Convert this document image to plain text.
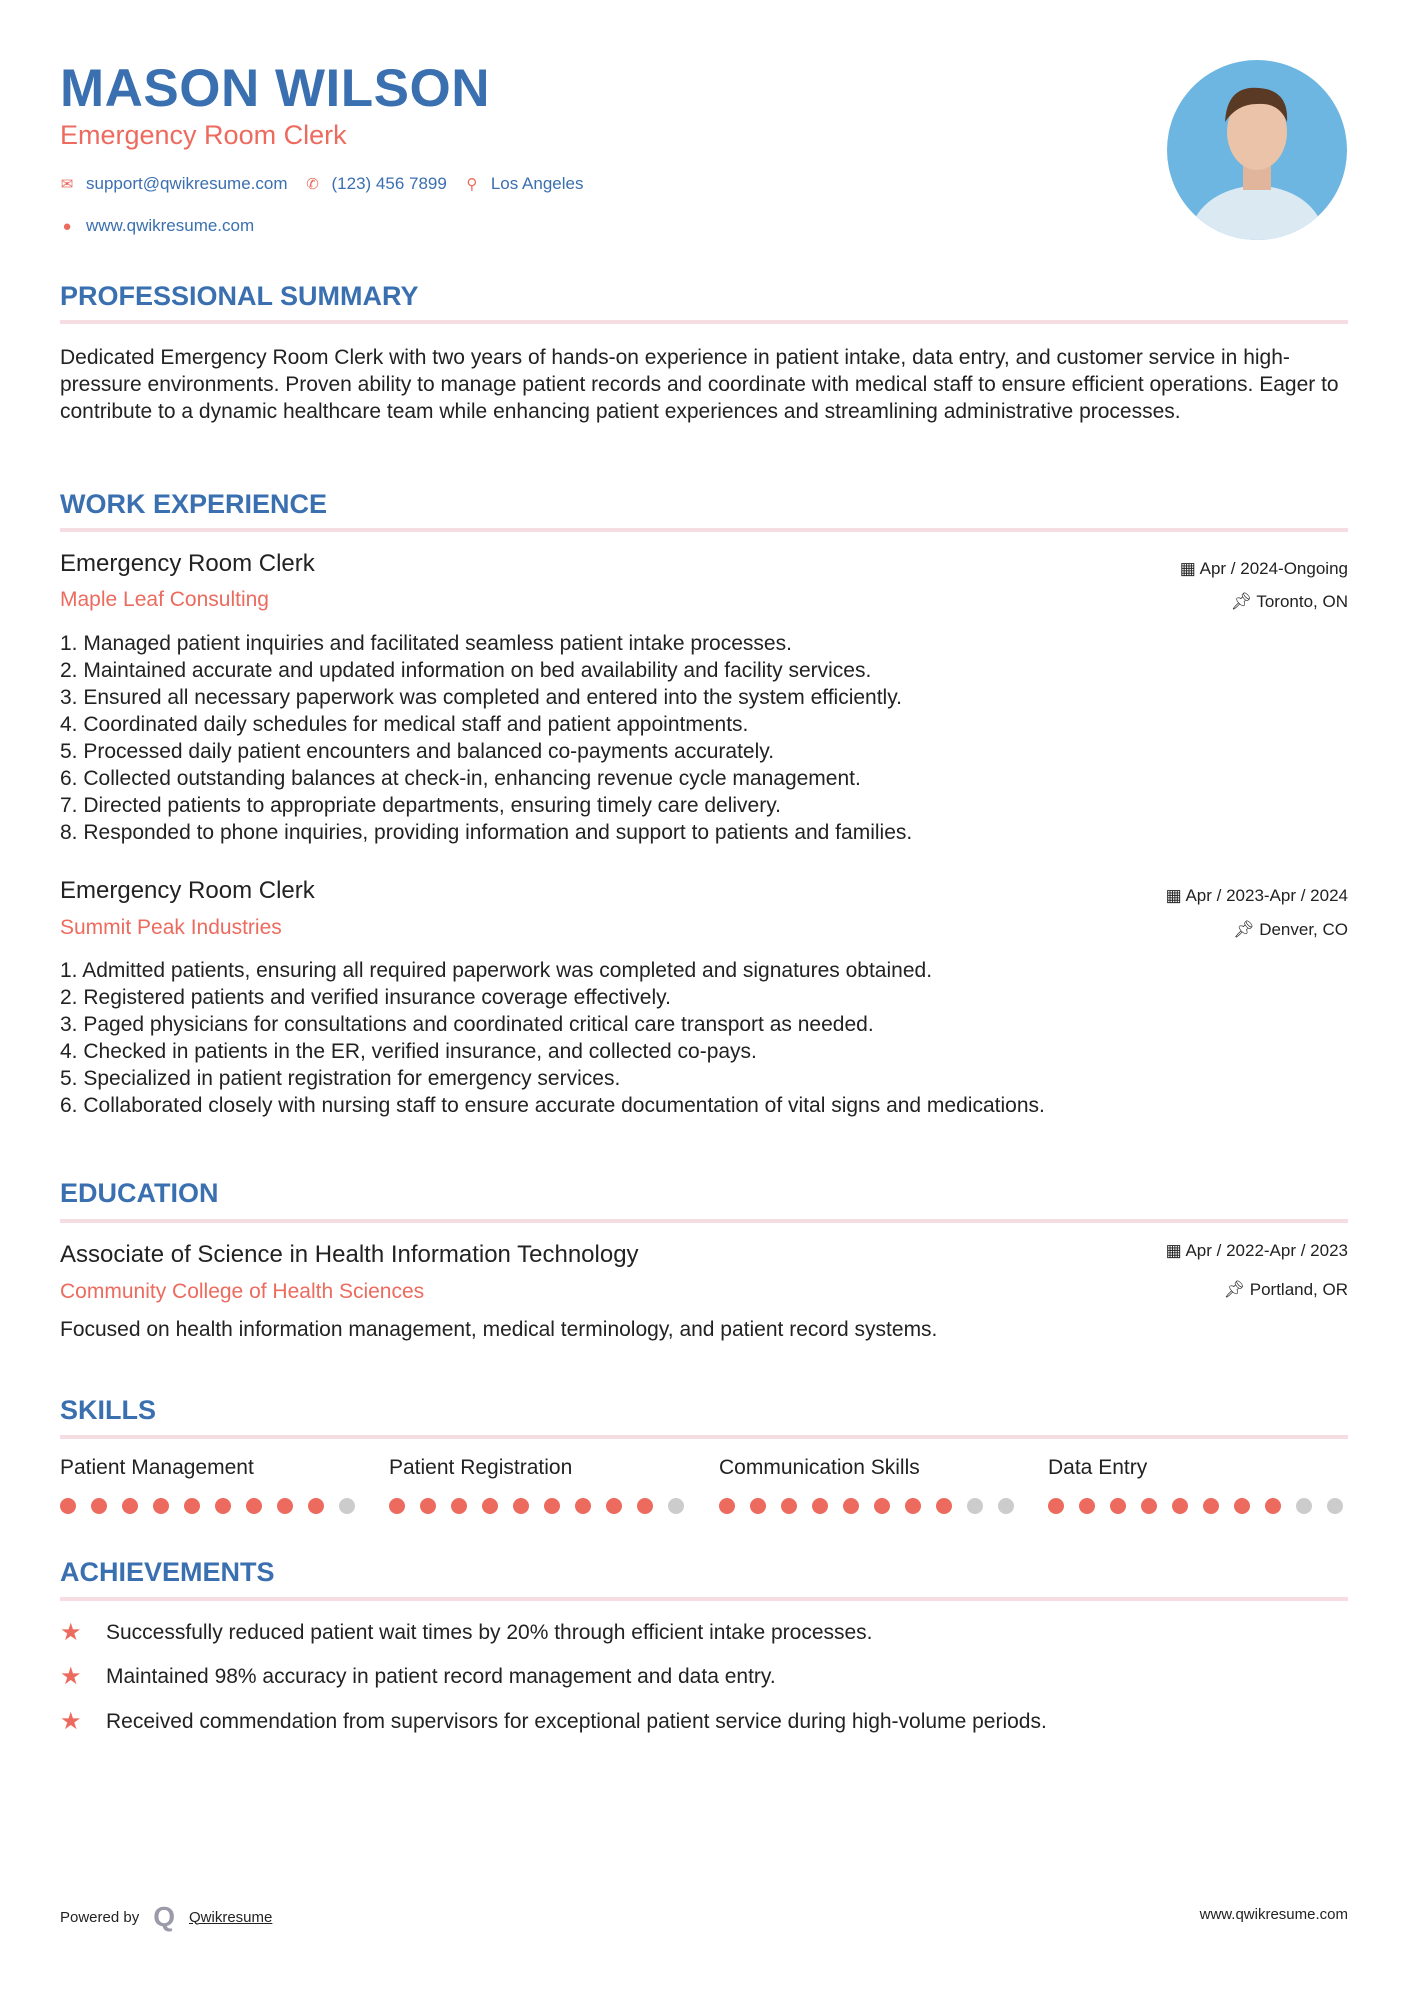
MASON WILSON
Emergency Room Clerk
✉ support@qwikresume.com ✆ (123) 456 7899 ⚲ Los Angeles
● www.qwikresume.com
PROFESSIONAL SUMMARY
Dedicated Emergency Room Clerk with two years of hands-on experience in patient intake, data entry, and customer service in high-pressure environments. Proven ability to manage patient records and coordinate with medical staff to ensure efficient operations. Eager to contribute to a dynamic healthcare team while enhancing patient experiences and streamlining administrative processes.
WORK EXPERIENCE
Emergency Room Clerk
Maple Leaf Consulting
▦ Apr / 2024-Ongoing
📌︎ Toronto, ON
1. Managed patient inquiries and facilitated seamless patient intake processes.
2. Maintained accurate and updated information on bed availability and facility services.
3. Ensured all necessary paperwork was completed and entered into the system efficiently.
4. Coordinated daily schedules for medical staff and patient appointments.
5. Processed daily patient encounters and balanced co-payments accurately.
6. Collected outstanding balances at check-in, enhancing revenue cycle management.
7. Directed patients to appropriate departments, ensuring timely care delivery.
8. Responded to phone inquiries, providing information and support to patients and families.
Emergency Room Clerk
Summit Peak Industries
▦ Apr / 2023-Apr / 2024
📌︎ Denver, CO
1. Admitted patients, ensuring all required paperwork was completed and signatures obtained.
2. Registered patients and verified insurance coverage effectively.
3. Paged physicians for consultations and coordinated critical care transport as needed.
4. Checked in patients in the ER, verified insurance, and collected co-pays.
5. Specialized in patient registration for emergency services.
6. Collaborated closely with nursing staff to ensure accurate documentation of vital signs and medications.
EDUCATION
Associate of Science in Health Information Technology
Community College of Health Sciences
▦ Apr / 2022-Apr / 2023
📌︎ Portland, OR
Focused on health information management, medical terminology, and patient record systems.
SKILLS
Patient Management	Patient Registration	Communication Skills	Data Entry
ACHIEVEMENTS
★	Successfully reduced patient wait times by 20% through efficient intake processes.
★	Maintained 98% accuracy in patient record management and data entry.
★	Received commendation from supervisors for exceptional patient service during high-volume periods.
Powered by Q Qwikresume	www.qwikresume.com
